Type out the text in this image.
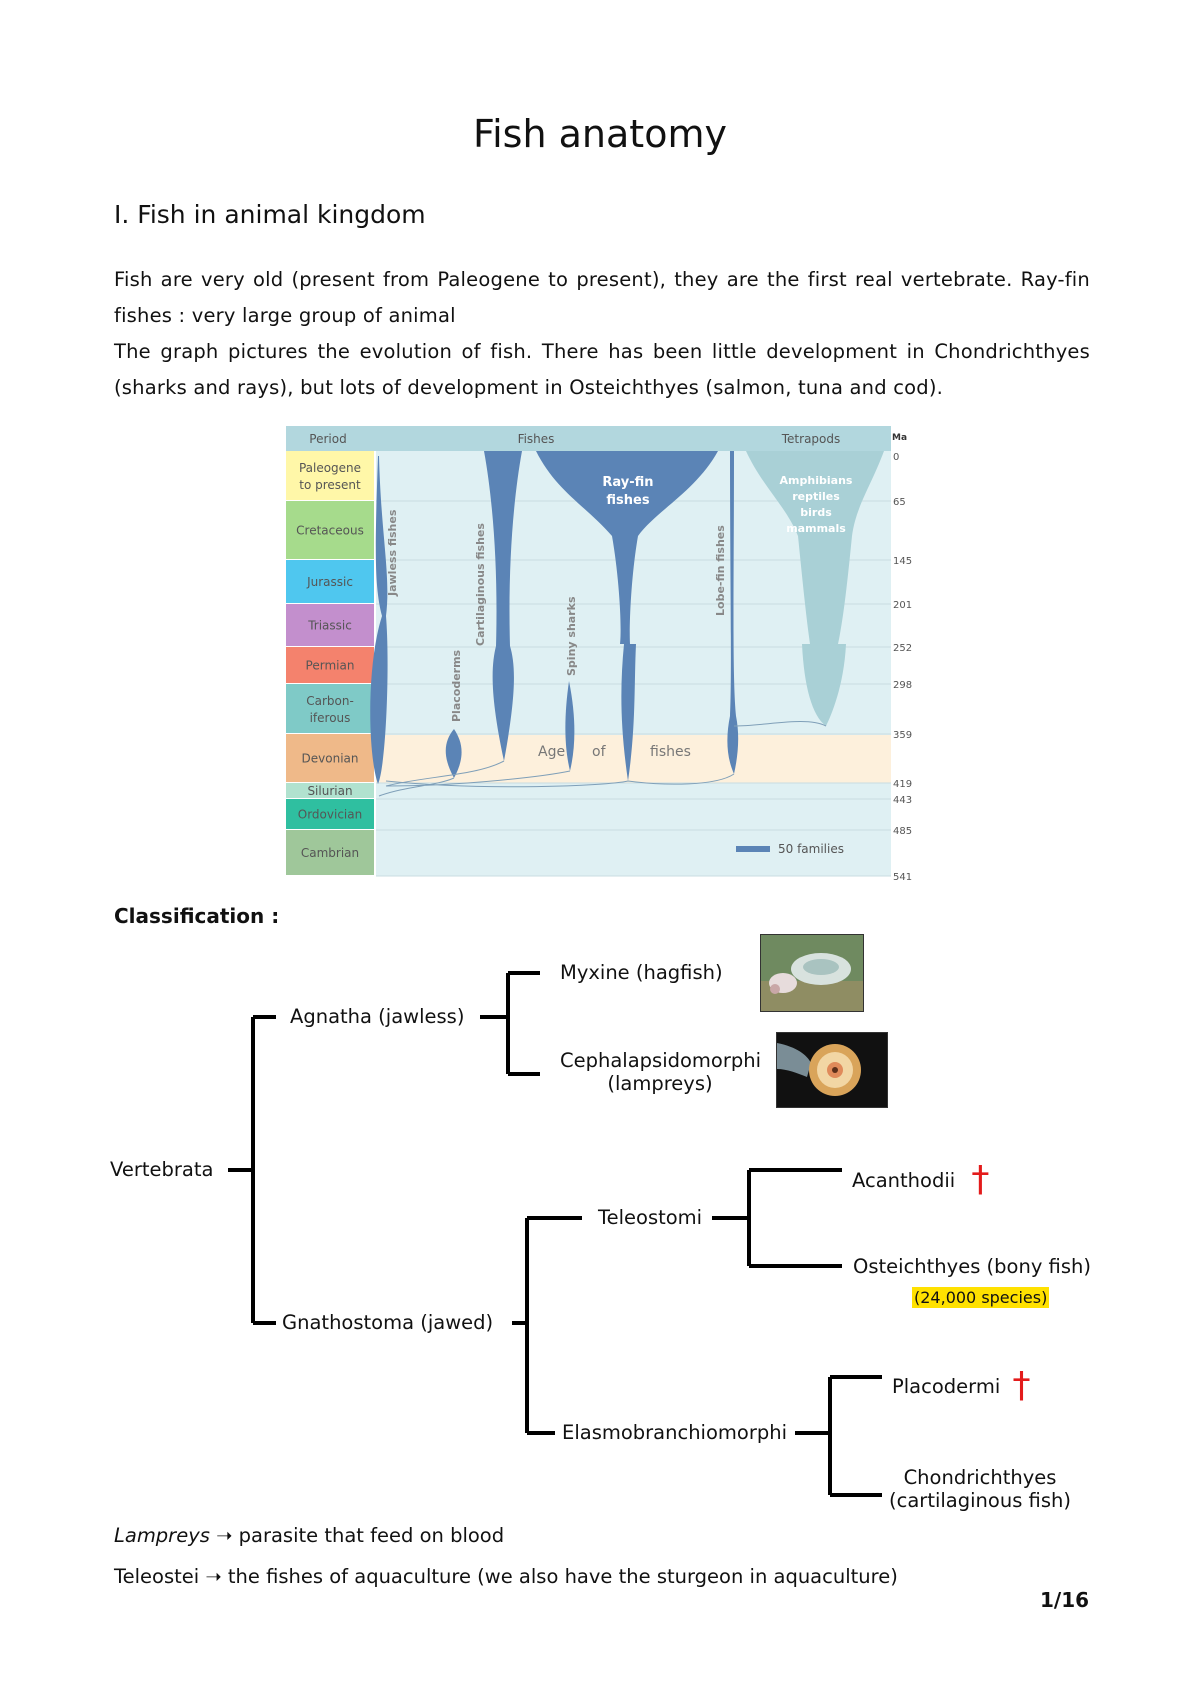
Fish anatomy
I. Fish in animal kingdom
Fish are very old (present from Paleogene to present), they are the first real vertebrate. Ray-fin fishes : very large group of animal
The graph pictures the evolution of fish. There has been little development in Chondrichthyes (sharks and rays), but lots of development in Osteichthyes (salmon, tuna and cod).
Paleogene
to present
Cretaceous
Jurassic
Triassic
Permian
Carbon-
iferous
Devonian
Silurian
Ordovician
Cambrian
Period	Fishes	Tetrapods	Ma
Jawless fishes
Placoderms
Cartilaginous fishes	Spiny sharks
Ray-fin
fishes
Lobe-fin fishes
Amphibians
reptiles
birds
mammals
Age of	fishes
50 families
0
65
145
201
252
298
359
419
443
485
541
Classification :
Vertebrata
Agnatha (jawless)
Myxine (hagfish)
Cephalapsidomorphi
(lampreys)
Gnathostoma (jawed)
Teleostomi
Acanthodii †
Osteichthyes (bony fish)
(24,000 species)
Elasmobranchiomorphi
Placodermi †
Chondrichthyes
(cartilaginous fish)
Lampreys ➝ parasite that feed on blood
Teleostei ➝ the fishes of aquaculture (we also have the sturgeon in aquaculture)
1/16
